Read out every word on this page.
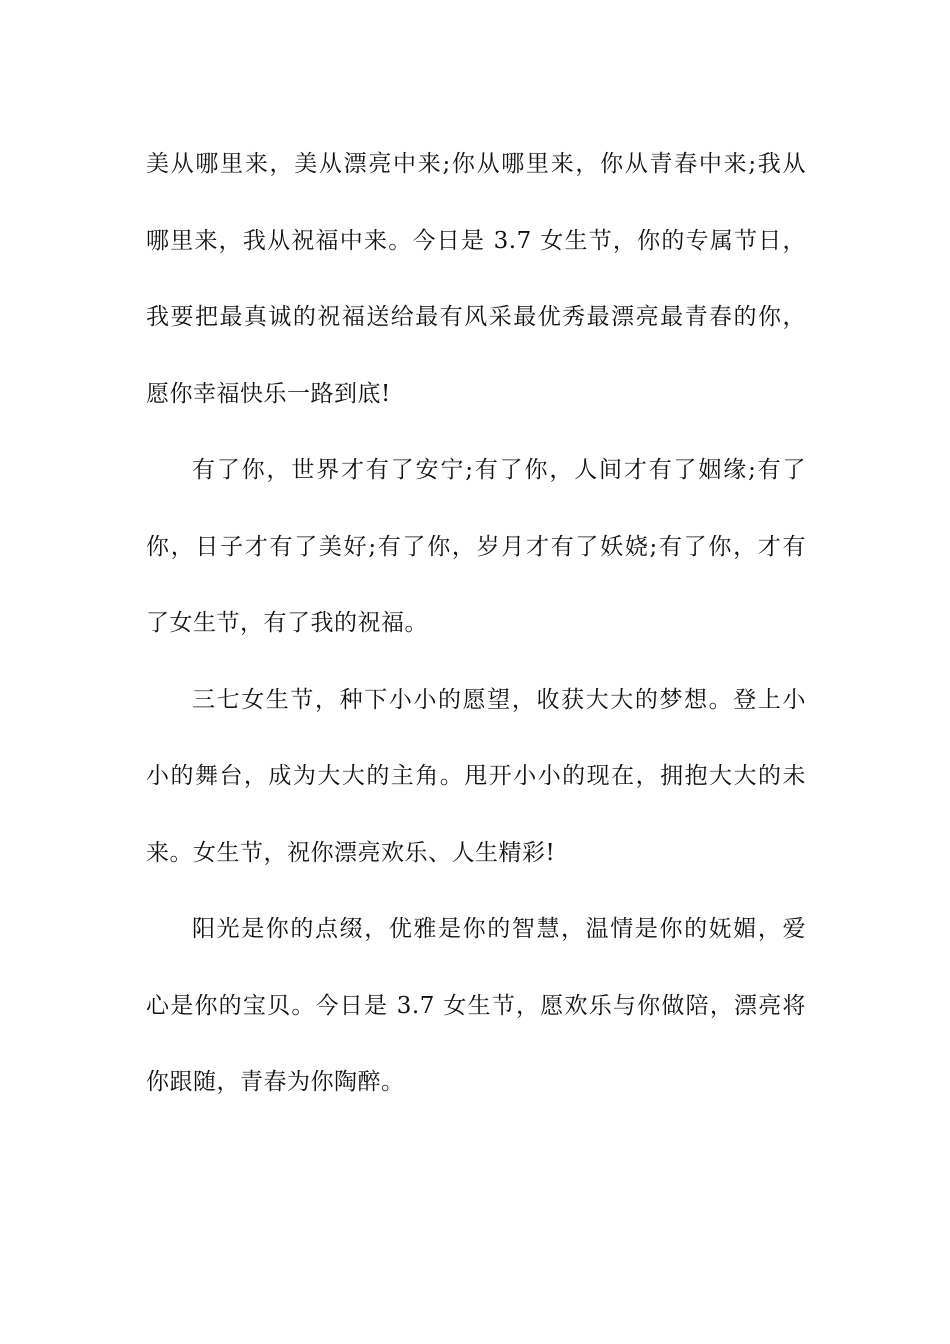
美从哪里来，美从漂亮中来;你从哪里来，你从青春中来;我从
哪里来，我从祝福中来。今日是 3.7 女生节，你的专属节日，
我要把最真诚的祝福送给最有风采最优秀最漂亮最青春的你，
愿你幸福快乐一路到底!
有了你，世界才有了安宁;有了你，人间才有了姻缘;有了
你，日子才有了美好;有了你，岁月才有了妖娆;有了你，才有
了女生节，有了我的祝福。
三七女生节，种下小小的愿望，收获大大的梦想。登上小
小的舞台，成为大大的主角。甩开小小的现在，拥抱大大的未
来。女生节，祝你漂亮欢乐、人生精彩!
阳光是你的点缀，优雅是你的智慧，温情是你的妩媚，爱
心是你的宝贝。今日是 3.7 女生节，愿欢乐与你做陪，漂亮将
你跟随，青春为你陶醉。
